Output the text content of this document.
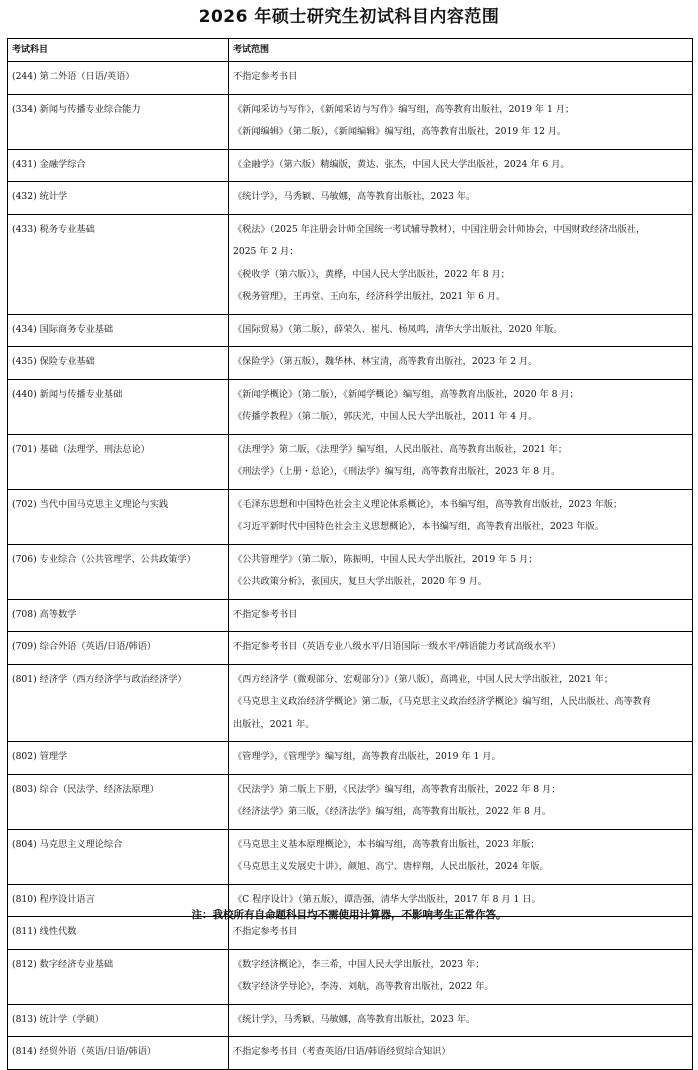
2026 年硕士研究生初试科目内容范围
考试科目	考试范围
(244) 第二外语（日语/英语）	不指定参考书目

(334) 新闻与传播专业综合能力	《新闻采访与写作》，《新闻采访与写作》编写组，高等教育出版社，2019 年 1 月；
《新闻编辑》（第二版），《新闻编辑》编写组，高等教育出版社，2019 年 12 月。

(431) 金融学综合	《金融学》（第六版）精编版，黄达、张杰，中国人民大学出版社，2024 年 6 月。

(432) 统计学	《统计学》，马秀颖、马敏娜，高等教育出版社，2023 年。

(433) 税务专业基础	《税法》（2025 年注册会计师全国统一考试辅导教材），中国注册会计师协会，中国财政经济出版社，
2025 年 2 月；
《税收学（第六版）》，黄桦，中国人民大学出版社，2022 年 8 月；
《税务管理》，王再堂、王向东，经济科学出版社，2021 年 6 月。

(434) 国际商务专业基础	《国际贸易》（第二版），薛荣久、崔凡、杨凤鸣，清华大学出版社，2020 年版。

(435) 保险专业基础	《保险学》（第五版），魏华林、林宝清，高等教育出版社，2023 年 2 月。

(440) 新闻与传播专业基础	《新闻学概论》（第二版），《新闻学概论》编写组，高等教育出版社，2020 年 8 月；
《传播学教程》（第二版），郭庆光，中国人民大学出版社，2011 年 4 月。

(701) 基础（法理学、刑法总论）	《法理学》第二版，《法理学》编写组，人民出版社、高等教育出版社，2021 年；
《刑法学》（上册・总论），《刑法学》编写组，高等教育出版社，2023 年 8 月。

(702) 当代中国马克思主义理论与实践	《毛泽东思想和中国特色社会主义理论体系概论》，本书编写组，高等教育出版社，2023 年版；
《习近平新时代中国特色社会主义思想概论》，本书编写组，高等教育出版社，2023 年版。

(706) 专业综合（公共管理学、公共政策学）	《公共管理学》（第二版），陈振明，中国人民大学出版社，2019 年 5 月；
《公共政策分析》，张国庆，复旦大学出版社，2020 年 9 月。

(708) 高等数学	不指定参考书目

(709) 综合外语（英语/日语/韩语）	不指定参考书目（英语专业八级水平/日语国际一级水平/韩语能力考试高级水平）

(801) 经济学（西方经济学与政治经济学）	《西方经济学（微观部分、宏观部分）》（第八版），高鸿业，中国人民大学出版社，2021 年；
《马克思主义政治经济学概论》第二版，《马克思主义政治经济学概论》编写组，人民出版社、高等教育
出版社，2021 年。

(802) 管理学	《管理学》，《管理学》编写组，高等教育出版社，2019 年 1 月。

(803) 综合（民法学、经济法原理）	《民法学》第二版上下册，《民法学》编写组，高等教育出版社，2022 年 8 月；
《经济法学》第三版，《经济法学》编写组，高等教育出版社，2022 年 8 月。

(804) 马克思主义理论综合	《马克思主义基本原理概论》，本书编写组，高等教育出版社，2023 年版；
《马克思主义发展史十讲》，颜旭、高宁、唐梓翔，人民出版社，2024 年版。

(810) 程序设计语言	《C 程序设计》（第五版），谭浩强，清华大学出版社，2017 年 8 月 1 日。

(811) 线性代数	不指定参考书目

(812) 数字经济专业基础	《数字经济概论》，李三希，中国人民大学出版社，2023 年；
《数字经济学导论》，李涛、刘航，高等教育出版社，2022 年。

(813) 统计学（学硕）	《统计学》，马秀颖、马敏娜，高等教育出版社，2023 年。

(814) 经贸外语（英语/日语/韩语）	不指定参考书目（考查英语/日语/韩语经贸综合知识）
注：我校所有自命题科目均不需使用计算器，不影响考生正常作答。
